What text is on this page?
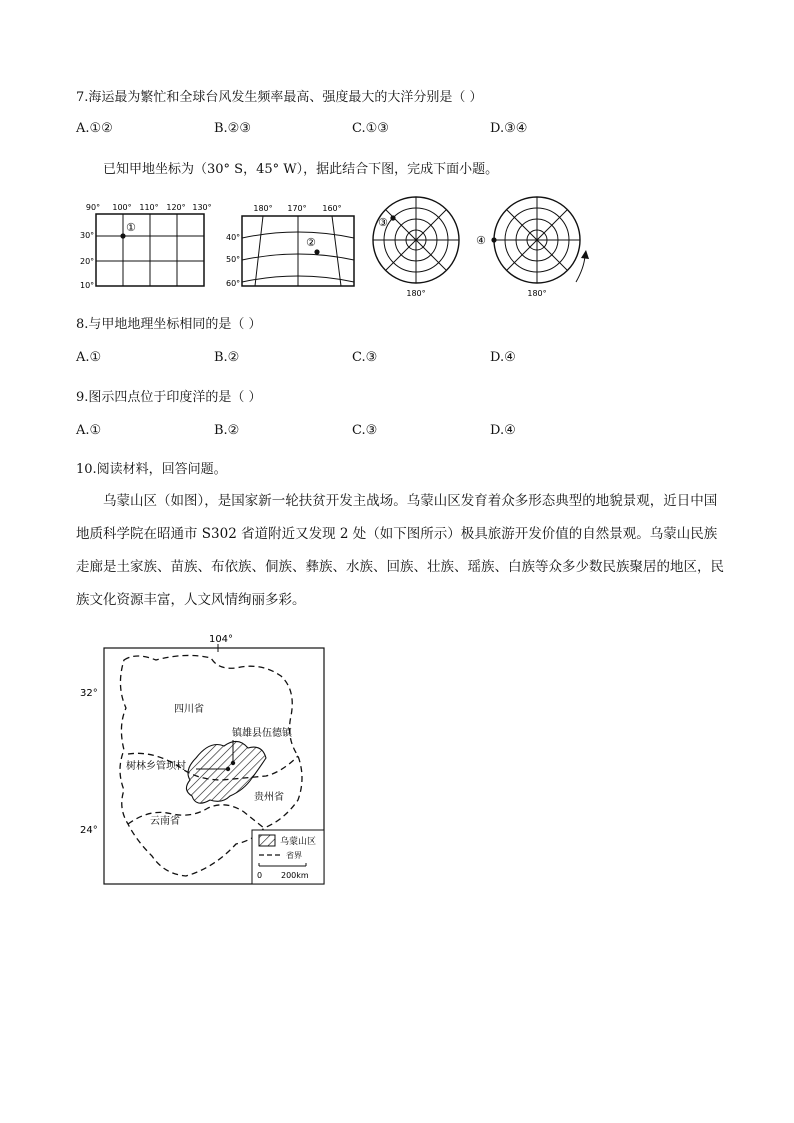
7.海运最为繁忙和全球台风发生频率最高、强度最大的大洋分别是（ ）
A.①②	B.②③	C.①③	D.③④
已知甲地坐标为（30° S，45° W），据此结合下图，完成下面小题。
90° 100° 110° 120° 130°
30°
20°
10°
①
180° 170° 160°
40°
50°
60°
②
③
180°
④
180°
8.与甲地地理坐标相同的是（ ）
A.①	B.②	C.③	D.④
9.图示四点位于印度洋的是（ ）
A.①	B.②	C.③	D.④
10.阅读材料，回答问题。
乌蒙山区（如图），是国家新一轮扶贫开发主战场。乌蒙山区发育着众多形态典型的地貌景观，近日中国地质科学院在昭通市 S302 省道附近又发现 2 处（如下图所示）极具旅游开发价值的自然景观。乌蒙山民族走廊是土家族、苗族、布依族、侗族、彝族、水族、回族、壮族、瑶族、白族等众多少数民族聚居的地区，民族文化资源丰富，人文风情绚丽多彩。
104°
32°
24°
四川省
镇雄县伍德镇
树林乡管坝村
贵州省
云南省
乌蒙山区
省界
0 200km
